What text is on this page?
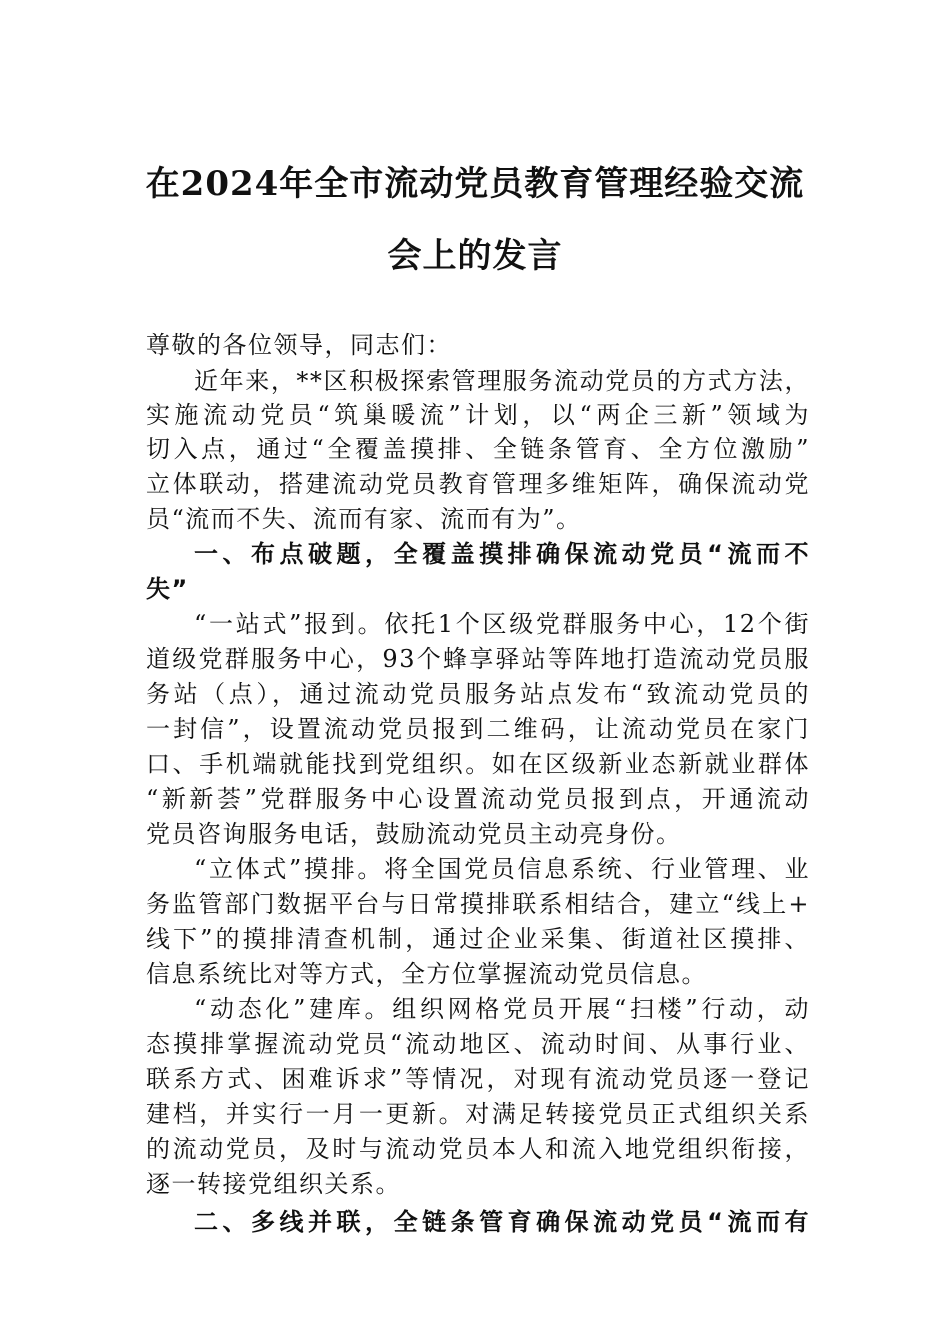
在2024年全市流动党员教育管理经验交流
会上的发言
尊敬的各位领导，同志们：
近年来，**区积极探索管理服务流动党员的方式方法，
实施流动党员“筑巢暖流”计划，以“两企三新”领域为
切入点，通过“全覆盖摸排、全链条管育、全方位激励”
立体联动，搭建流动党员教育管理多维矩阵，确保流动党
员“流而不失、流而有家、流而有为”。
一、布点破题，全覆盖摸排确保流动党员“流而不
失”
“一站式”报到。依托1个区级党群服务中心，12个街
道级党群服务中心，93个蜂享驿站等阵地打造流动党员服
务站（点），通过流动党员服务站点发布“致流动党员的
一封信”，设置流动党员报到二维码，让流动党员在家门
口、手机端就能找到党组织。如在区级新业态新就业群体
“新新荟”党群服务中心设置流动党员报到点，开通流动
党员咨询服务电话，鼓励流动党员主动亮身份。
“立体式”摸排。将全国党员信息系统、行业管理、业
务监管部门数据平台与日常摸排联系相结合，建立“线上+
线下”的摸排清查机制，通过企业采集、街道社区摸排、
信息系统比对等方式，全方位掌握流动党员信息。
“动态化”建库。组织网格党员开展“扫楼”行动，动
态摸排掌握流动党员“流动地区、流动时间、从事行业、
联系方式、困难诉求”等情况，对现有流动党员逐一登记
建档，并实行一月一更新。对满足转接党员正式组织关系
的流动党员，及时与流动党员本人和流入地党组织衔接，
逐一转接党组织关系。
二、多线并联，全链条管育确保流动党员“流而有
